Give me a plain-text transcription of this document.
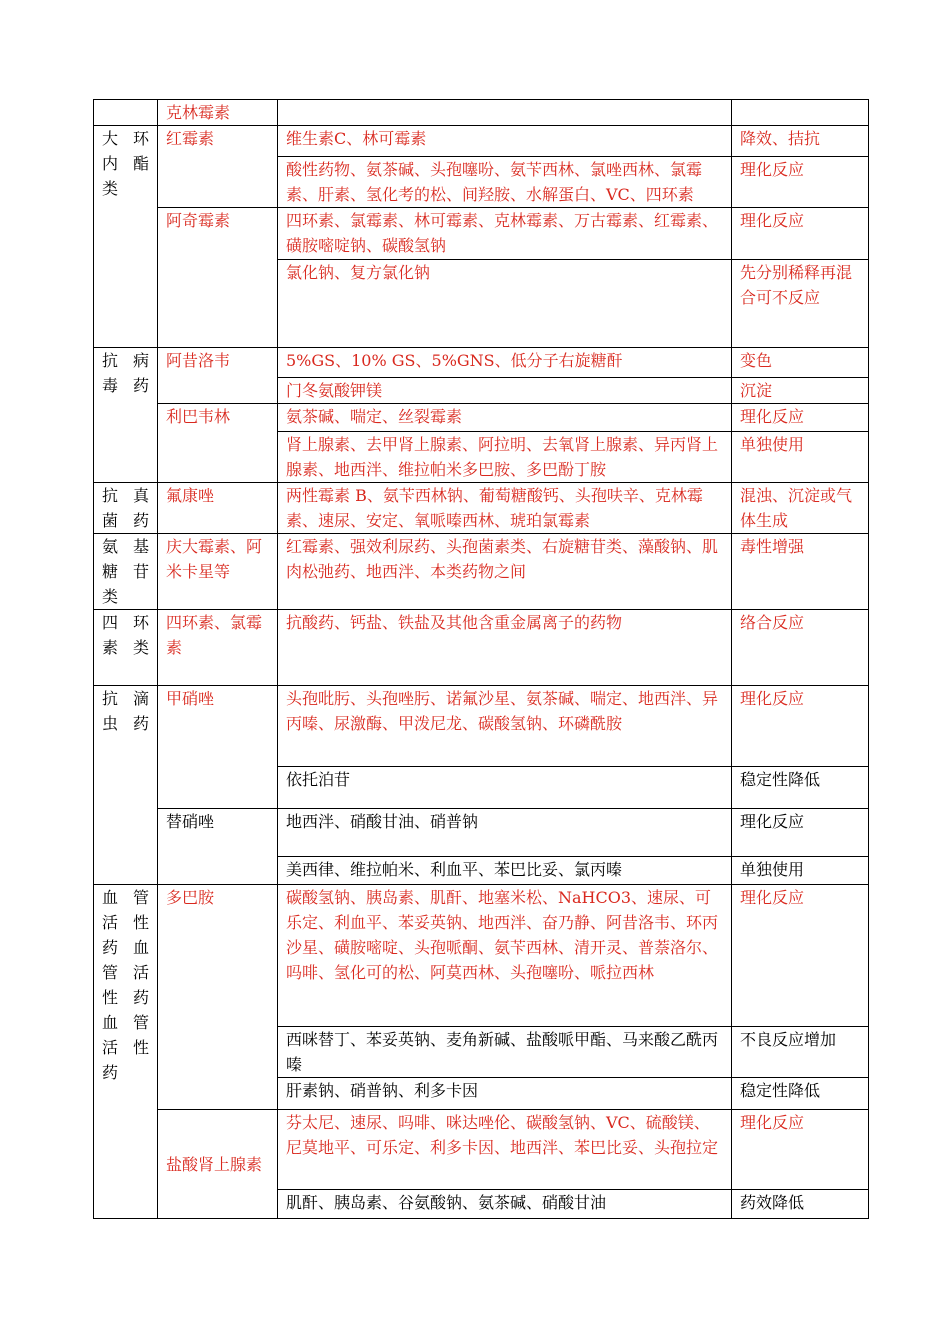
	克林霉素		
大 环 内 酯 类	红霉素	维生素C、林可霉素	降效、拮抗
		酸性药物、氨茶碱、头孢噻吩、氨苄西林、氯唑西林、氯霉素、肝素、氢化考的松、间羟胺、水解蛋白、VC、四环素	理化反应
	阿奇霉素	四环素、氯霉素、林可霉素、克林霉素、万古霉素、红霉素、磺胺嘧啶钠、碳酸氢钠	理化反应
		氯化钠、复方氯化钠	先分别稀释再混合可不反应
抗病毒药	阿昔洛韦	5%GS、10% GS、5%GNS、低分子右旋糖酐	变色
		门冬氨酸钾镁	沉淀
	利巴韦林	氨茶碱、喘定、丝裂霉素	理化反应
		肾上腺素、去甲肾上腺素、阿拉明、去氧肾上腺素、异丙肾上腺素、地西泮、维拉帕米多巴胺、多巴酚丁胺	单独使用
抗 真 菌药	氟康唑	两性霉素 B、氨苄西林钠、葡萄糖酸钙、头孢呋辛、克林霉素、速尿、安定、氧哌嗪西林、琥珀氯霉素	混浊、沉淀或气体生成
氨 基 糖 苷 类	庆大霉素、阿米卡星等	红霉素、强效利尿药、头孢菌素类、右旋糖苷类、藻酸钠、肌肉松弛药、地西泮、本类药物之间	毒性增强
四 环 素类	四环素、氯霉素	抗酸药、钙盐、铁盐及其他含重金属离子的药物	络合反应
抗 滴 虫药	甲硝唑	头孢吡肟、头孢唑肟、诺氟沙星、氨茶碱、喘定、地西泮、异丙嗪、尿激酶、甲泼尼龙、碳酸氢钠、环磷酰胺	理化反应
		依托泊苷	稳定性降低
	替硝唑	地西泮、硝酸甘油、硝普钠	理化反应
		美西律、维拉帕米、利血平、苯巴比妥、氯丙嗪	单独使用
血 管 活 性 药 血 管 活 性 药 血 管 活 性 药	多巴胺	碳酸氢钠、胰岛素、肌酐、地塞米松、NaHCO3、速尿、可乐定、利血平、苯妥英钠、地西泮、奋乃静、阿昔洛韦、环丙沙星、磺胺嘧啶、头孢哌酮、氨苄西林、清开灵、普萘洛尔、吗啡、氢化可的松、阿莫西林、头孢噻吩、哌拉西林	理化反应
		西咪替丁、苯妥英钠、麦角新碱、盐酸哌甲酯、马来酸乙酰丙嗪	不良反应增加
		肝素钠、硝普钠、利多卡因	稳定性降低
	盐酸肾上腺素	芬太尼、速尿、吗啡、咪达唑伦、碳酸氢钠、VC、硫酸镁、尼莫地平、可乐定、利多卡因、地西泮、苯巴比妥、头孢拉定	理化反应
		肌酐、胰岛素、谷氨酸钠、氨茶碱、硝酸甘油	药效降低
